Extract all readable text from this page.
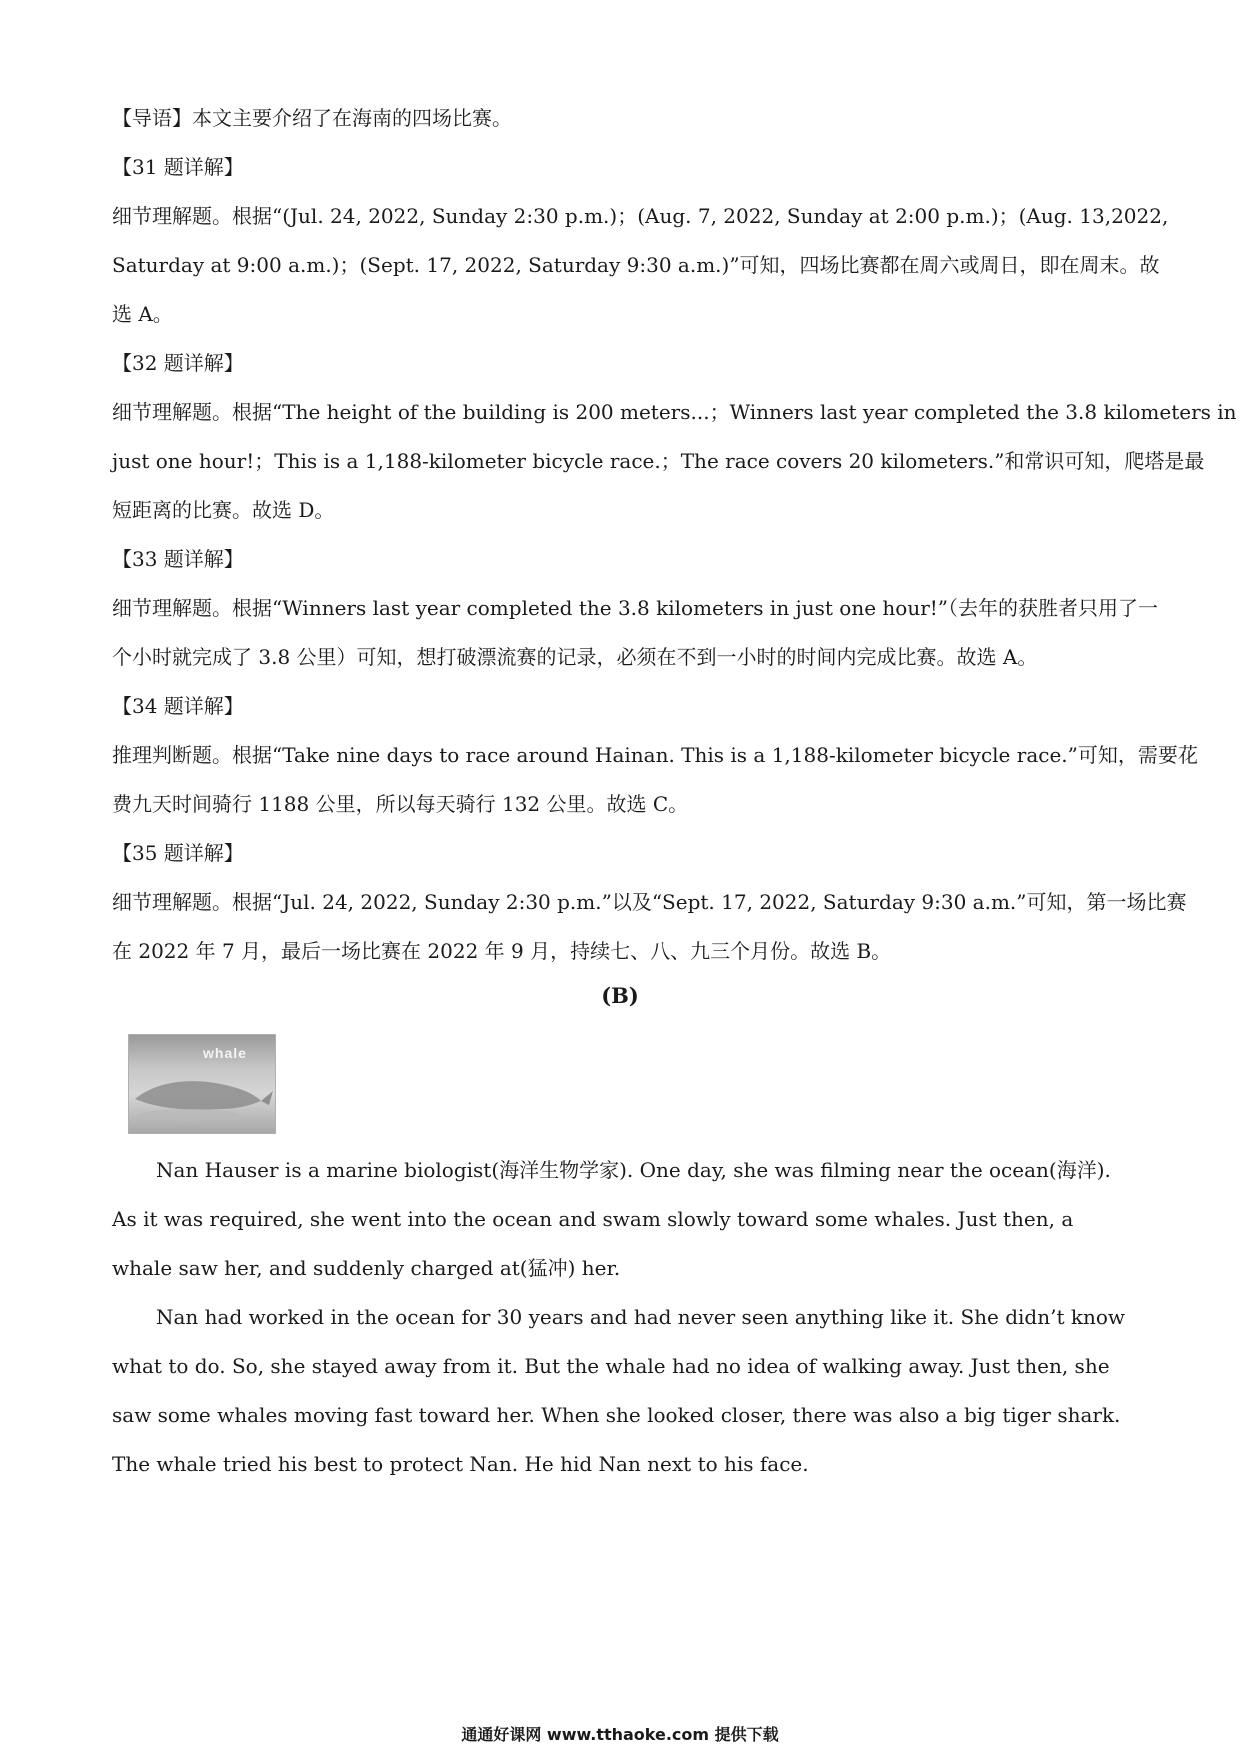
【导语】本文主要介绍了在海南的四场比赛。
【31 题详解】
细节理解题。根据“(Jul. 24, 2022, Sunday 2:30 p.m.)；(Aug. 7, 2022, Sunday at 2:00 p.m.)；(Aug. 13,2022,
Saturday at 9:00 a.m.)；(Sept. 17, 2022, Saturday 9:30 a.m.)”可知，四场比赛都在周六或周日，即在周末。故
选 A。
【32 题详解】
细节理解题。根据“The height of the building is 200 meters...；Winners last year completed the 3.8 kilometers in
just one hour!；This is a 1,188-kilometer bicycle race.；The race covers 20 kilometers.”和常识可知，爬塔是最
短距离的比赛。故选 D。
【33 题详解】
细节理解题。根据“Winners last year completed the 3.8 kilometers in just one hour!”（去年的获胜者只用了一
个小时就完成了 3.8 公里）可知，想打破漂流赛的记录，必须在不到一小时的时间内完成比赛。故选 A。
【34 题详解】
推理判断题。根据“Take nine days to race around Hainan. This is a 1,188-kilometer bicycle race.”可知，需要花
费九天时间骑行 1188 公里，所以每天骑行 132 公里。故选 C。
【35 题详解】
细节理解题。根据“Jul. 24, 2022, Sunday 2:30 p.m.”以及“Sept. 17, 2022, Saturday 9:30 a.m.”可知，第一场比赛
在 2022 年 7 月，最后一场比赛在 2022 年 9 月，持续七、八、九三个月份。故选 B。
(B)
whale
Nan Hauser is a marine biologist(海洋生物学家). One day, she was filming near the ocean(海洋). As it was required, she went into the ocean and swam slowly toward some whales. Just then, a whale saw her, and suddenly charged at(猛冲) her.
Nan had worked in the ocean for 30 years and had never seen anything like it. She didn’t know what to do. So, she stayed away from it. But the whale had no idea of walking away. Just then, she saw some whales moving fast toward her. When she looked closer, there was also a big tiger shark. The whale tried his best to protect Nan. He hid Nan next to his face.
通通好课网 www.tthaoke.com 提供下载
